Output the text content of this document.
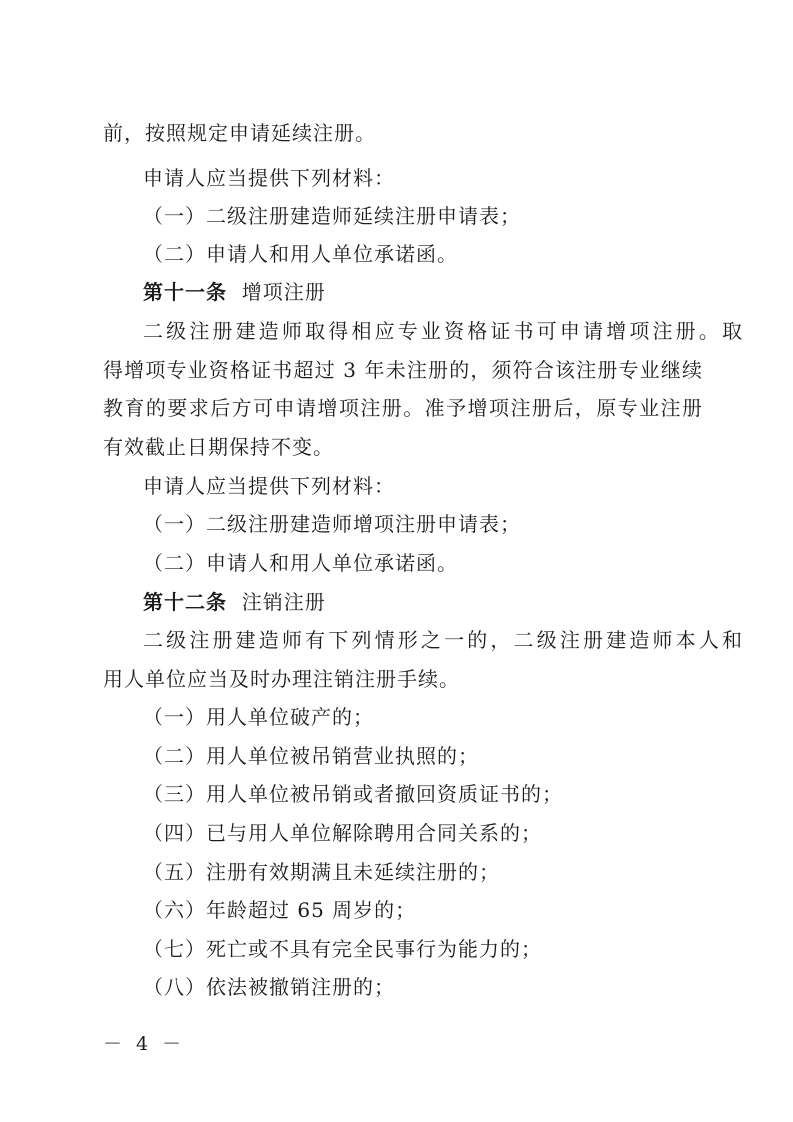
前，按照规定申请延续注册。
申请人应当提供下列材料：
（一）二级注册建造师延续注册申请表；
（二）申请人和用人单位承诺函。
第十一条 增项注册
二级注册建造师取得相应专业资格证书可申请增项注册。取
得增项专业资格证书超过 3 年未注册的，须符合该注册专业继续
教育的要求后方可申请增项注册。准予增项注册后，原专业注册
有效截止日期保持不变。
申请人应当提供下列材料：
（一）二级注册建造师增项注册申请表；
（二）申请人和用人单位承诺函。
第十二条 注销注册
二级注册建造师有下列情形之一的，二级注册建造师本人和
用人单位应当及时办理注销注册手续。
（一）用人单位破产的；
（二）用人单位被吊销营业执照的；
（三）用人单位被吊销或者撤回资质证书的；
（四）已与用人单位解除聘用合同关系的；
（五）注册有效期满且未延续注册的；
（六）年龄超过 65 周岁的；
（七）死亡或不具有完全民事行为能力的；
（八）依法被撤销注册的；
－ 4 －
